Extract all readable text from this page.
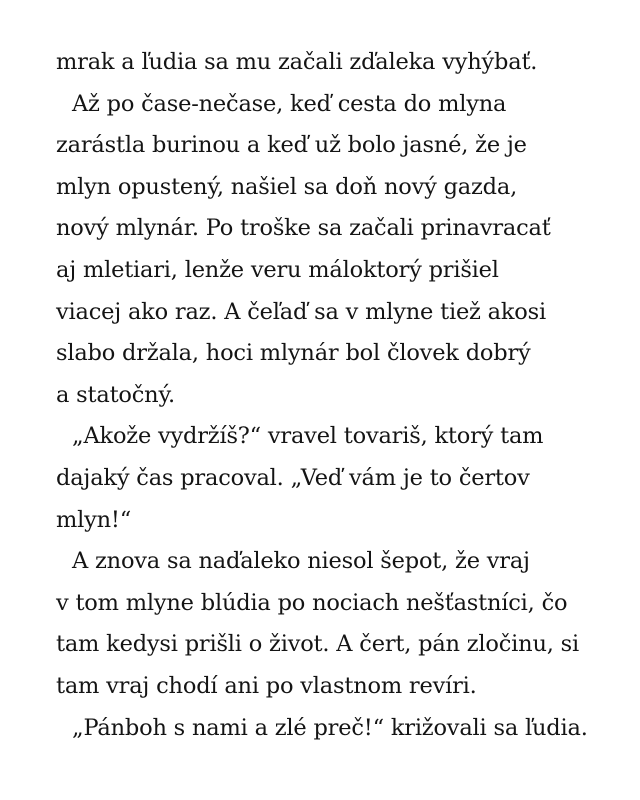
mrak a ľudia sa mu začali zďaleka vyhýbať.
Až po čase-nečase, keď cesta do mlyna
zarástla burinou a keď už bolo jasné, že je
mlyn opustený, našiel sa doň nový gazda,
nový mlynár. Po troške sa začali prinavracať
aj mletiari, lenže veru máloktorý prišiel
viacej ako raz. A čeľaď sa v mlyne tiež akosi
slabo držala, hoci mlynár bol človek dobrý
a statočný.
„Akože vydržíš?“ vravel tovariš, ktorý tam
dajaký čas pracoval. „Veď vám je to čertov
mlyn!“
A znova sa naďaleko niesol šepot, že vraj
v tom mlyne blúdia po nociach nešťastníci, čo
tam kedysi prišli o život. A čert, pán zločinu, si
tam vraj chodí ani po vlastnom revíri.
„Pánboh s nami a zlé preč!“ križovali sa ľudia.
